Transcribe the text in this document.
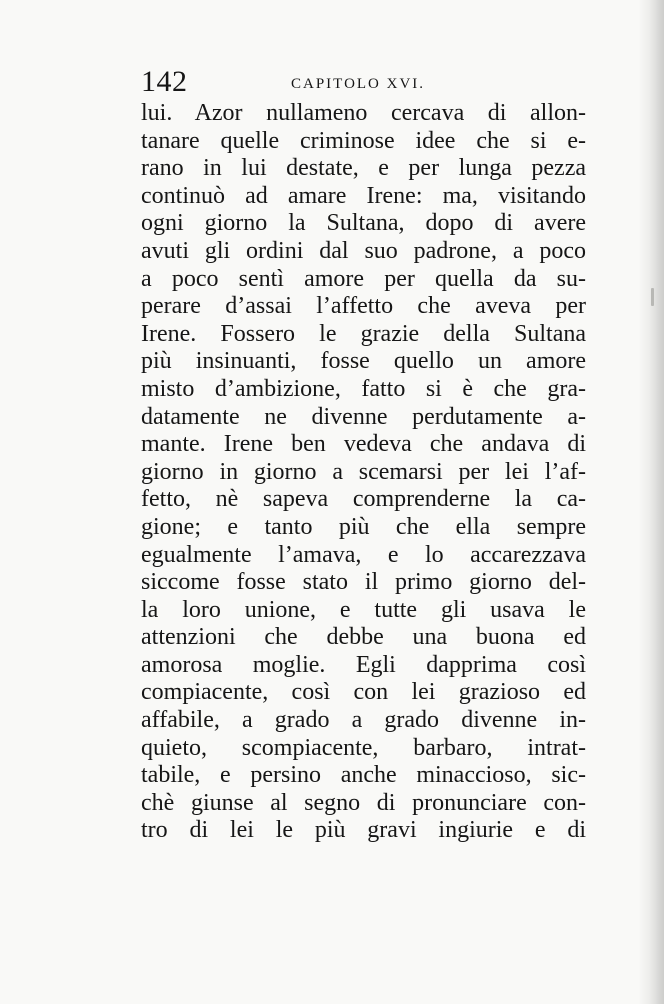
142	CAPITOLO XVI.
lui. Azor nullameno cercava di allon-
tanare quelle criminose idee che si e-
rano in lui destate, e per lunga pezza
continuò ad amare Irene: ma, visitando
ogni giorno la Sultana, dopo di avere
avuti gli ordini dal suo padrone, a poco
a poco sentì amore per quella da su-
perare d’assai l’affetto che aveva per
Irene. Fossero le grazie della Sultana
più insinuanti, fosse quello un amore
misto d’ambizione, fatto si è che gra-
datamente ne divenne perdutamente a-
mante. Irene ben vedeva che andava di
giorno in giorno a scemarsi per lei l’af-
fetto, nè sapeva comprenderne la ca-
gione; e tanto più che ella sempre
egualmente l’amava, e lo accarezzava
siccome fosse stato il primo giorno del-
la loro unione, e tutte gli usava le
attenzioni che debbe una buona ed
amorosa moglie. Egli dapprima così
compiacente, così con lei grazioso ed
affabile, a grado a grado divenne in-
quieto, scompiacente, barbaro, intrat-
tabile, e persino anche minaccioso, sic-
chè giunse al segno di pronunciare con-
tro di lei le più gravi ingiurie e di
